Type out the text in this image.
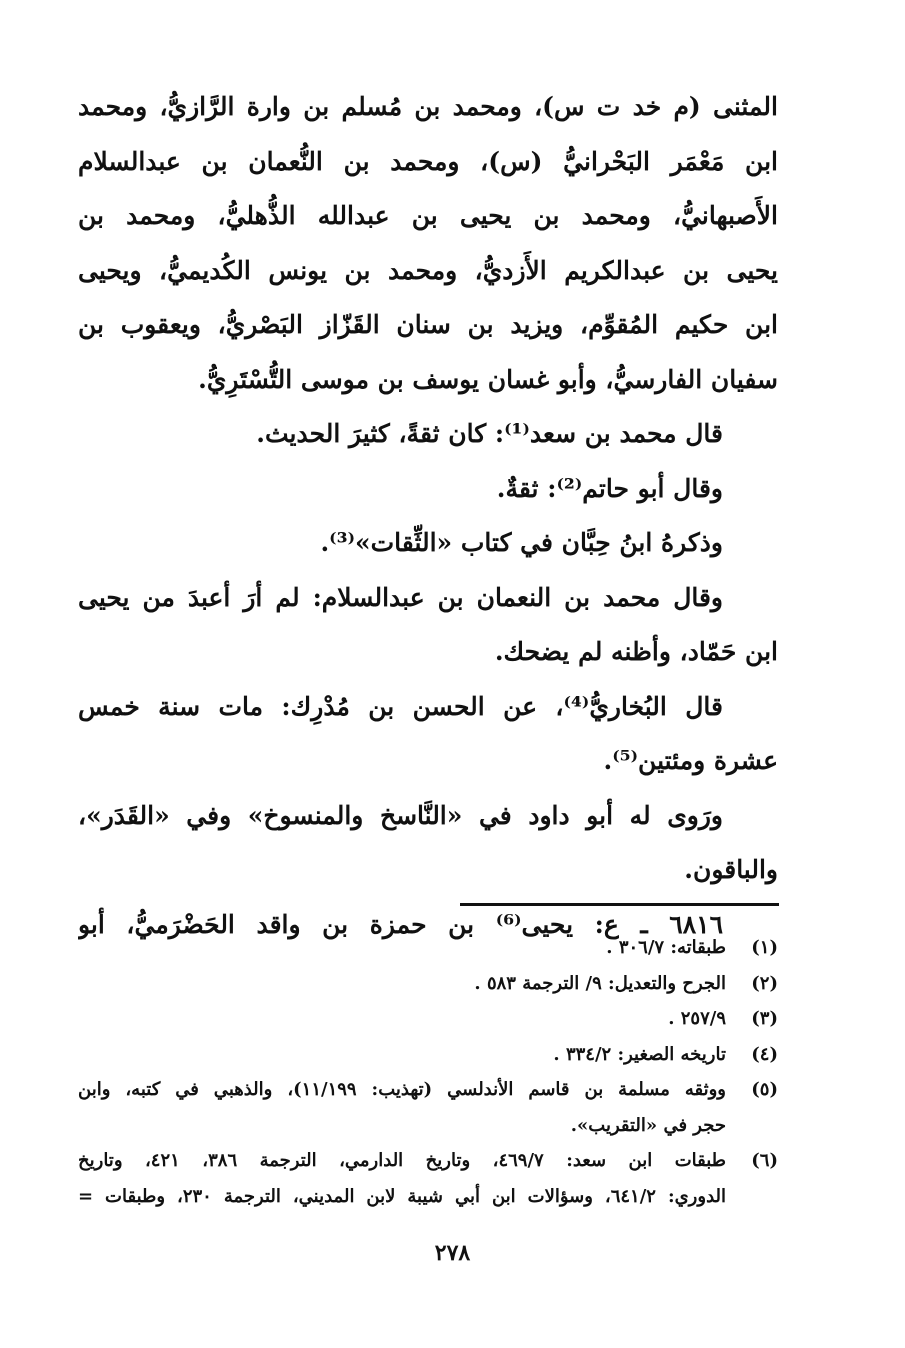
المثنى (م خد ت س)، ومحمد بن مُسلم بن وارة الرَّازيُّ، ومحمد
ابن مَعْمَر البَحْرانيُّ (س)، ومحمد بن النُّعمان بن عبدالسلام
الأَصبهانيُّ، ومحمد بن يحيى بن عبدالله الذُّهليُّ، ومحمد بن
يحيى بن عبدالكريم الأَزديُّ، ومحمد بن يونس الكُديميُّ، ويحيى
ابن حكيم المُقوِّم، ويزيد بن سنان القَزّاز البَصْريُّ، ويعقوب بن
سفيان الفارسيُّ، وأبو غسان يوسف بن موسى التُّسْتَرِيُّ.
قال محمد بن سعد⁽¹⁾: كان ثقةً، كثيرَ الحديث.
وقال أبو حاتم⁽²⁾: ثقةٌ.
وذكرهُ ابنُ حِبَّان في كتاب «الثِّقات»⁽³⁾.
وقال محمد بن النعمان بن عبدالسلام: لم أرَ أعبدَ من يحيى
ابن حَمّاد، وأظنه لم يضحك.
قال البُخاريُّ⁽⁴⁾، عن الحسن بن مُدْرِك: مات سنة خمس
عشرة ومئتين⁽⁵⁾.
ورَوى له أبو داود في «النَّاسخ والمنسوخ» وفي «القَدَر»،
والباقون.
٦٨١٦ ـ ع: يحيى⁽⁶⁾ بن حمزة بن واقد الحَضْرَميُّ، أبو
(١)
طبقاته: ٣٠٦/٧ .
(٢)
الجرح والتعديل: ٩/ الترجمة ٥٨٣ .
(٣)
٢٥٧/٩ .
(٤)
تاريخه الصغير: ٣٣٤/٢ .
(٥)
ووثقه مسلمة بن قاسم الأندلسي (تهذيب: ١١/١٩٩)، والذهبي في كتبه، وابن
حجر في «التقريب».
(٦)
طبقات ابن سعد: ٤٦٩/٧، وتاريخ الدارمي، الترجمة ٣٨٦، ٤٢١، وتاريخ
الدوري: ٦٤١/٢، وسؤالات ابن أبي شيبة لابن المديني، الترجمة ٢٣٠، وطبقات =
٢٧٨
